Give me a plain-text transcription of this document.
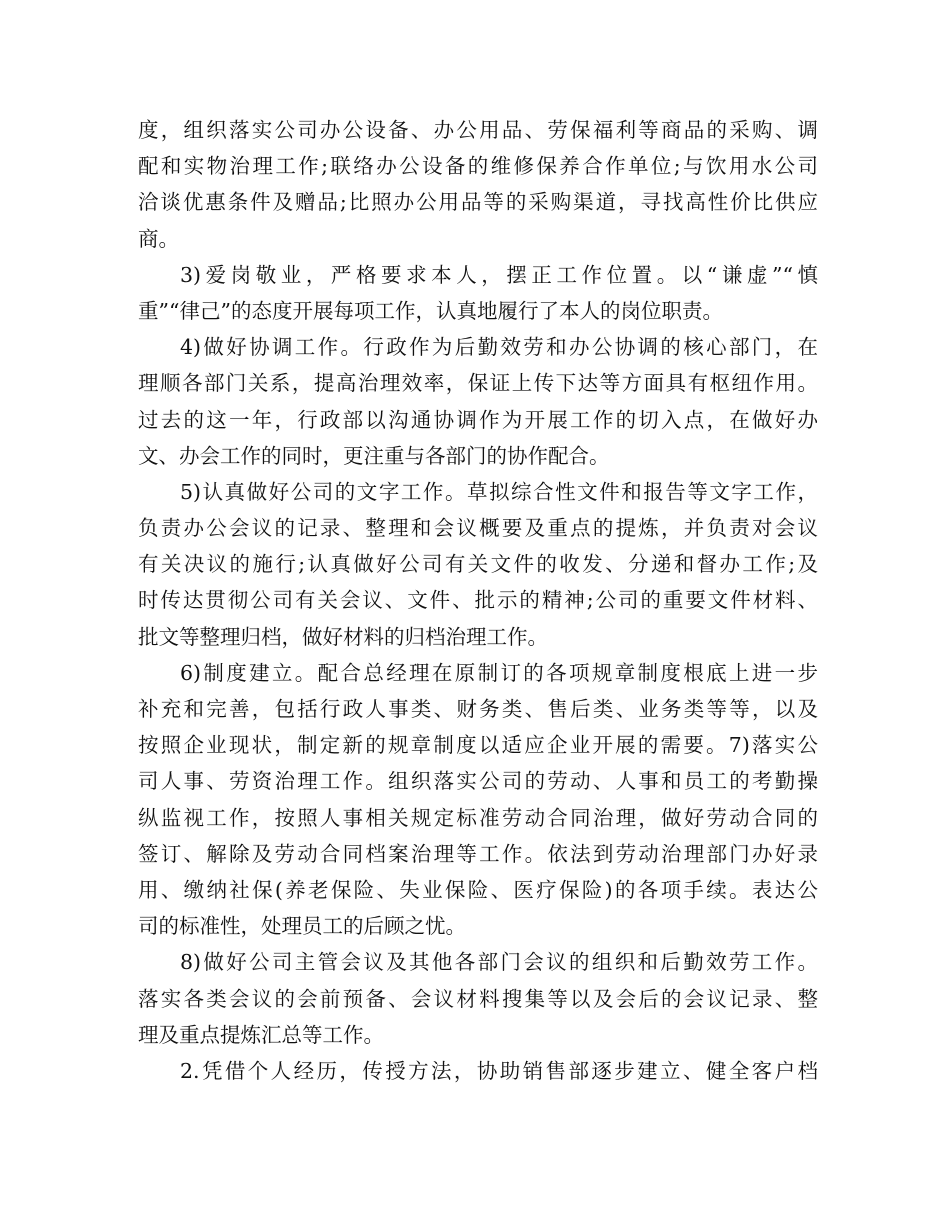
度，组织落实公司办公设备、办公用品、劳保福利等商品的采购、调
配和实物治理工作;联络办公设备的维修保养合作单位;与饮用水公司
洽谈优惠条件及赠品;比照办公用品等的采购渠道，寻找高性价比供应
商。
3)爱岗敬业，严格要求本人，摆正工作位置。以“谦虚”“慎
重”“律己”的态度开展每项工作，认真地履行了本人的岗位职责。
4)做好协调工作。行政作为后勤效劳和办公协调的核心部门，在
理顺各部门关系，提高治理效率，保证上传下达等方面具有枢纽作用。
过去的这一年，行政部以沟通协调作为开展工作的切入点，在做好办
文、办会工作的同时，更注重与各部门的协作配合。
5)认真做好公司的文字工作。草拟综合性文件和报告等文字工作，
负责办公会议的记录、整理和会议概要及重点的提炼，并负责对会议
有关决议的施行;认真做好公司有关文件的收发、分递和督办工作;及
时传达贯彻公司有关会议、文件、批示的精神;公司的重要文件材料、
批文等整理归档，做好材料的归档治理工作。
6)制度建立。配合总经理在原制订的各项规章制度根底上进一步
补充和完善，包括行政人事类、财务类、售后类、业务类等等，以及
按照企业现状，制定新的规章制度以适应企业开展的需要。7)落实公
司人事、劳资治理工作。组织落实公司的劳动、人事和员工的考勤操
纵监视工作，按照人事相关规定标准劳动合同治理，做好劳动合同的
签订、解除及劳动合同档案治理等工作。依法到劳动治理部门办好录
用、缴纳社保(养老保险、失业保险、医疗保险)的各项手续。表达公
司的标准性，处理员工的后顾之忧。
8)做好公司主管会议及其他各部门会议的组织和后勤效劳工作。
落实各类会议的会前预备、会议材料搜集等以及会后的会议记录、整
理及重点提炼汇总等工作。
2.凭借个人经历，传授方法，协助销售部逐步建立、健全客户档
